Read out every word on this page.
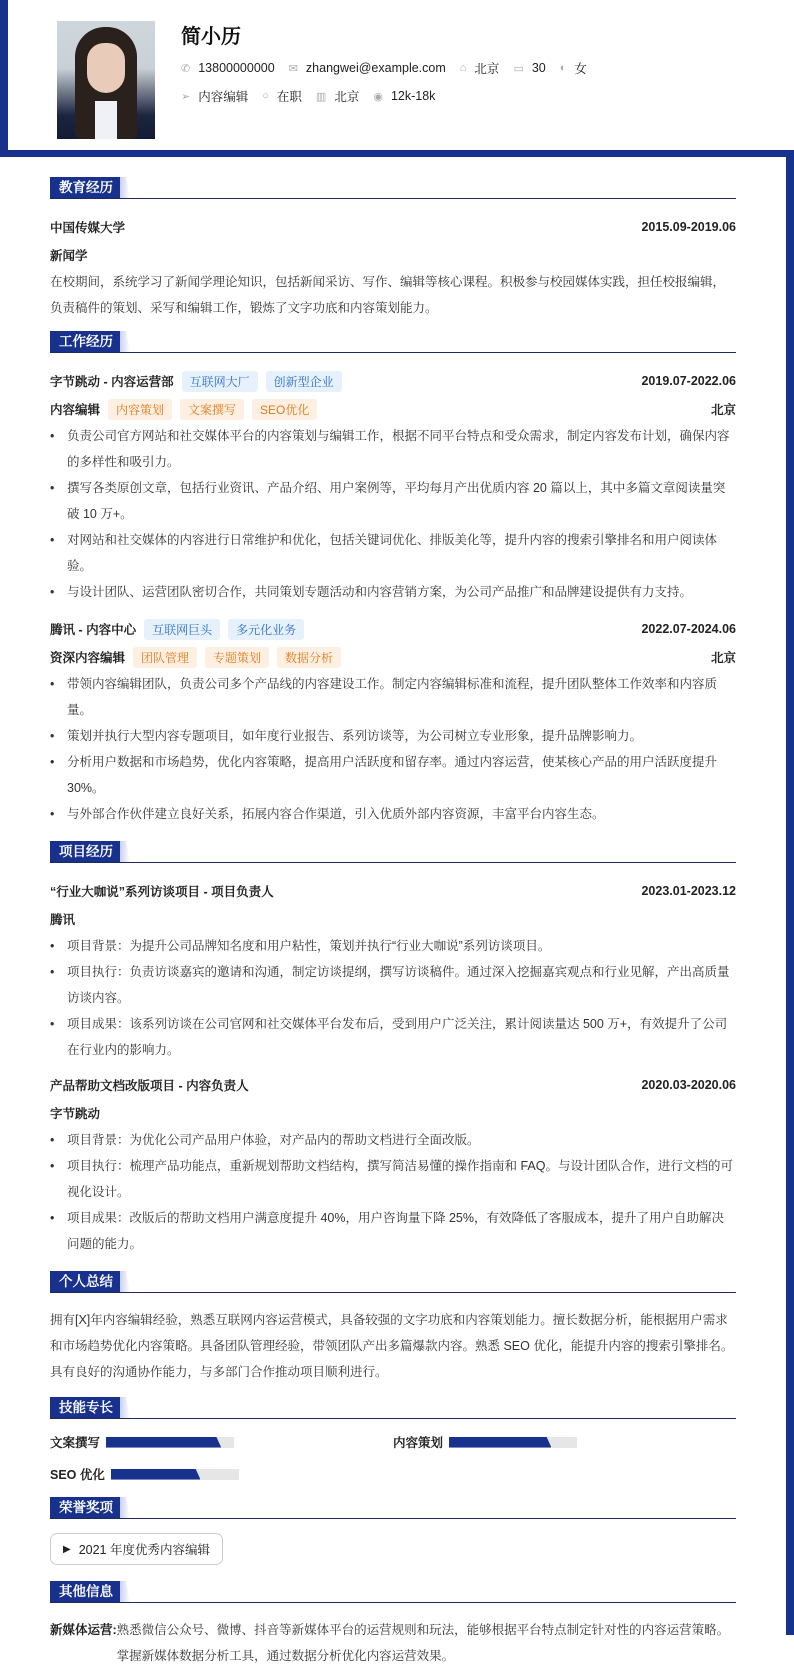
简小历
✆ 13800000000 ✉ zhangwei@example.com ⌂ 北京 ▭ 30 ◐ 女
➢ 内容编辑 ○ 在职 ▥ 北京 ◉ 12k-18k
教育经历
中国传媒大学	2015.09-2019.06
新闻学
在校期间，系统学习了新闻学理论知识，包括新闻采访、写作、编辑等核心课程。积极参与校园媒体实践，担任校报编辑，负责稿件的策划、采写和编辑工作，锻炼了文字功底和内容策划能力。
工作经历
字节跳动 - 内容运营部	互联网大厂	创新型企业	2019.07-2022.06
内容编辑	内容策划	文案撰写	SEO优化	北京
• 负责公司官方网站和社交媒体平台的内容策划与编辑工作，根据不同平台特点和受众需求，制定内容发布计划，确保内容的多样性和吸引力。
• 撰写各类原创文章，包括行业资讯、产品介绍、用户案例等，平均每月产出优质内容 20 篇以上，其中多篇文章阅读量突破 10 万+。
• 对网站和社交媒体的内容进行日常维护和优化，包括关键词优化、排版美化等，提升内容的搜索引擎排名和用户阅读体验。
• 与设计团队、运营团队密切合作，共同策划专题活动和内容营销方案，为公司产品推广和品牌建设提供有力支持。
腾讯 - 内容中心	互联网巨头	多元化业务	2022.07-2024.06
资深内容编辑	团队管理	专题策划	数据分析	北京
• 带领内容编辑团队，负责公司多个产品线的内容建设工作。制定内容编辑标准和流程，提升团队整体工作效率和内容质量。
• 策划并执行大型内容专题项目，如年度行业报告、系列访谈等，为公司树立专业形象，提升品牌影响力。
• 分析用户数据和市场趋势，优化内容策略，提高用户活跃度和留存率。通过内容运营，使某核心产品的用户活跃度提升 30%。
• 与外部合作伙伴建立良好关系，拓展内容合作渠道，引入优质外部内容资源，丰富平台内容生态。
项目经历
“行业大咖说”系列访谈项目 - 项目负责人	2023.01-2023.12
腾讯
• 项目背景：为提升公司品牌知名度和用户粘性，策划并执行“行业大咖说”系列访谈项目。
• 项目执行：负责访谈嘉宾的邀请和沟通，制定访谈提纲，撰写访谈稿件。通过深入挖掘嘉宾观点和行业见解，产出高质量访谈内容。
• 项目成果：该系列访谈在公司官网和社交媒体平台发布后，受到用户广泛关注，累计阅读量达 500 万+，有效提升了公司在行业内的影响力。
产品帮助文档改版项目 - 内容负责人	2020.03-2020.06
字节跳动
• 项目背景：为优化公司产品用户体验，对产品内的帮助文档进行全面改版。
• 项目执行：梳理产品功能点，重新规划帮助文档结构，撰写简洁易懂的操作指南和 FAQ。与设计团队合作，进行文档的可视化设计。
• 项目成果：改版后的帮助文档用户满意度提升 40%，用户咨询量下降 25%，有效降低了客服成本，提升了用户自助解决问题的能力。
个人总结
拥有[X]年内容编辑经验，熟悉互联网内容运营模式，具备较强的文字功底和内容策划能力。擅长数据分析，能根据用户需求和市场趋势优化内容策略。具备团队管理经验，带领团队产出多篇爆款内容。熟悉 SEO 优化，能提升内容的搜索引擎排名。具有良好的沟通协作能力，与多部门合作推动项目顺利进行。
技能专长
文案撰写	内容策划
SEO 优化
荣誉奖项
▶ 2021 年度优秀内容编辑
其他信息
新媒体运营: 熟悉微信公众号、微博、抖音等新媒体平台的运营规则和玩法，能够根据平台特点制定针对性的内容运营策略。掌握新媒体数据分析工具，通过数据分析优化内容运营效果。
